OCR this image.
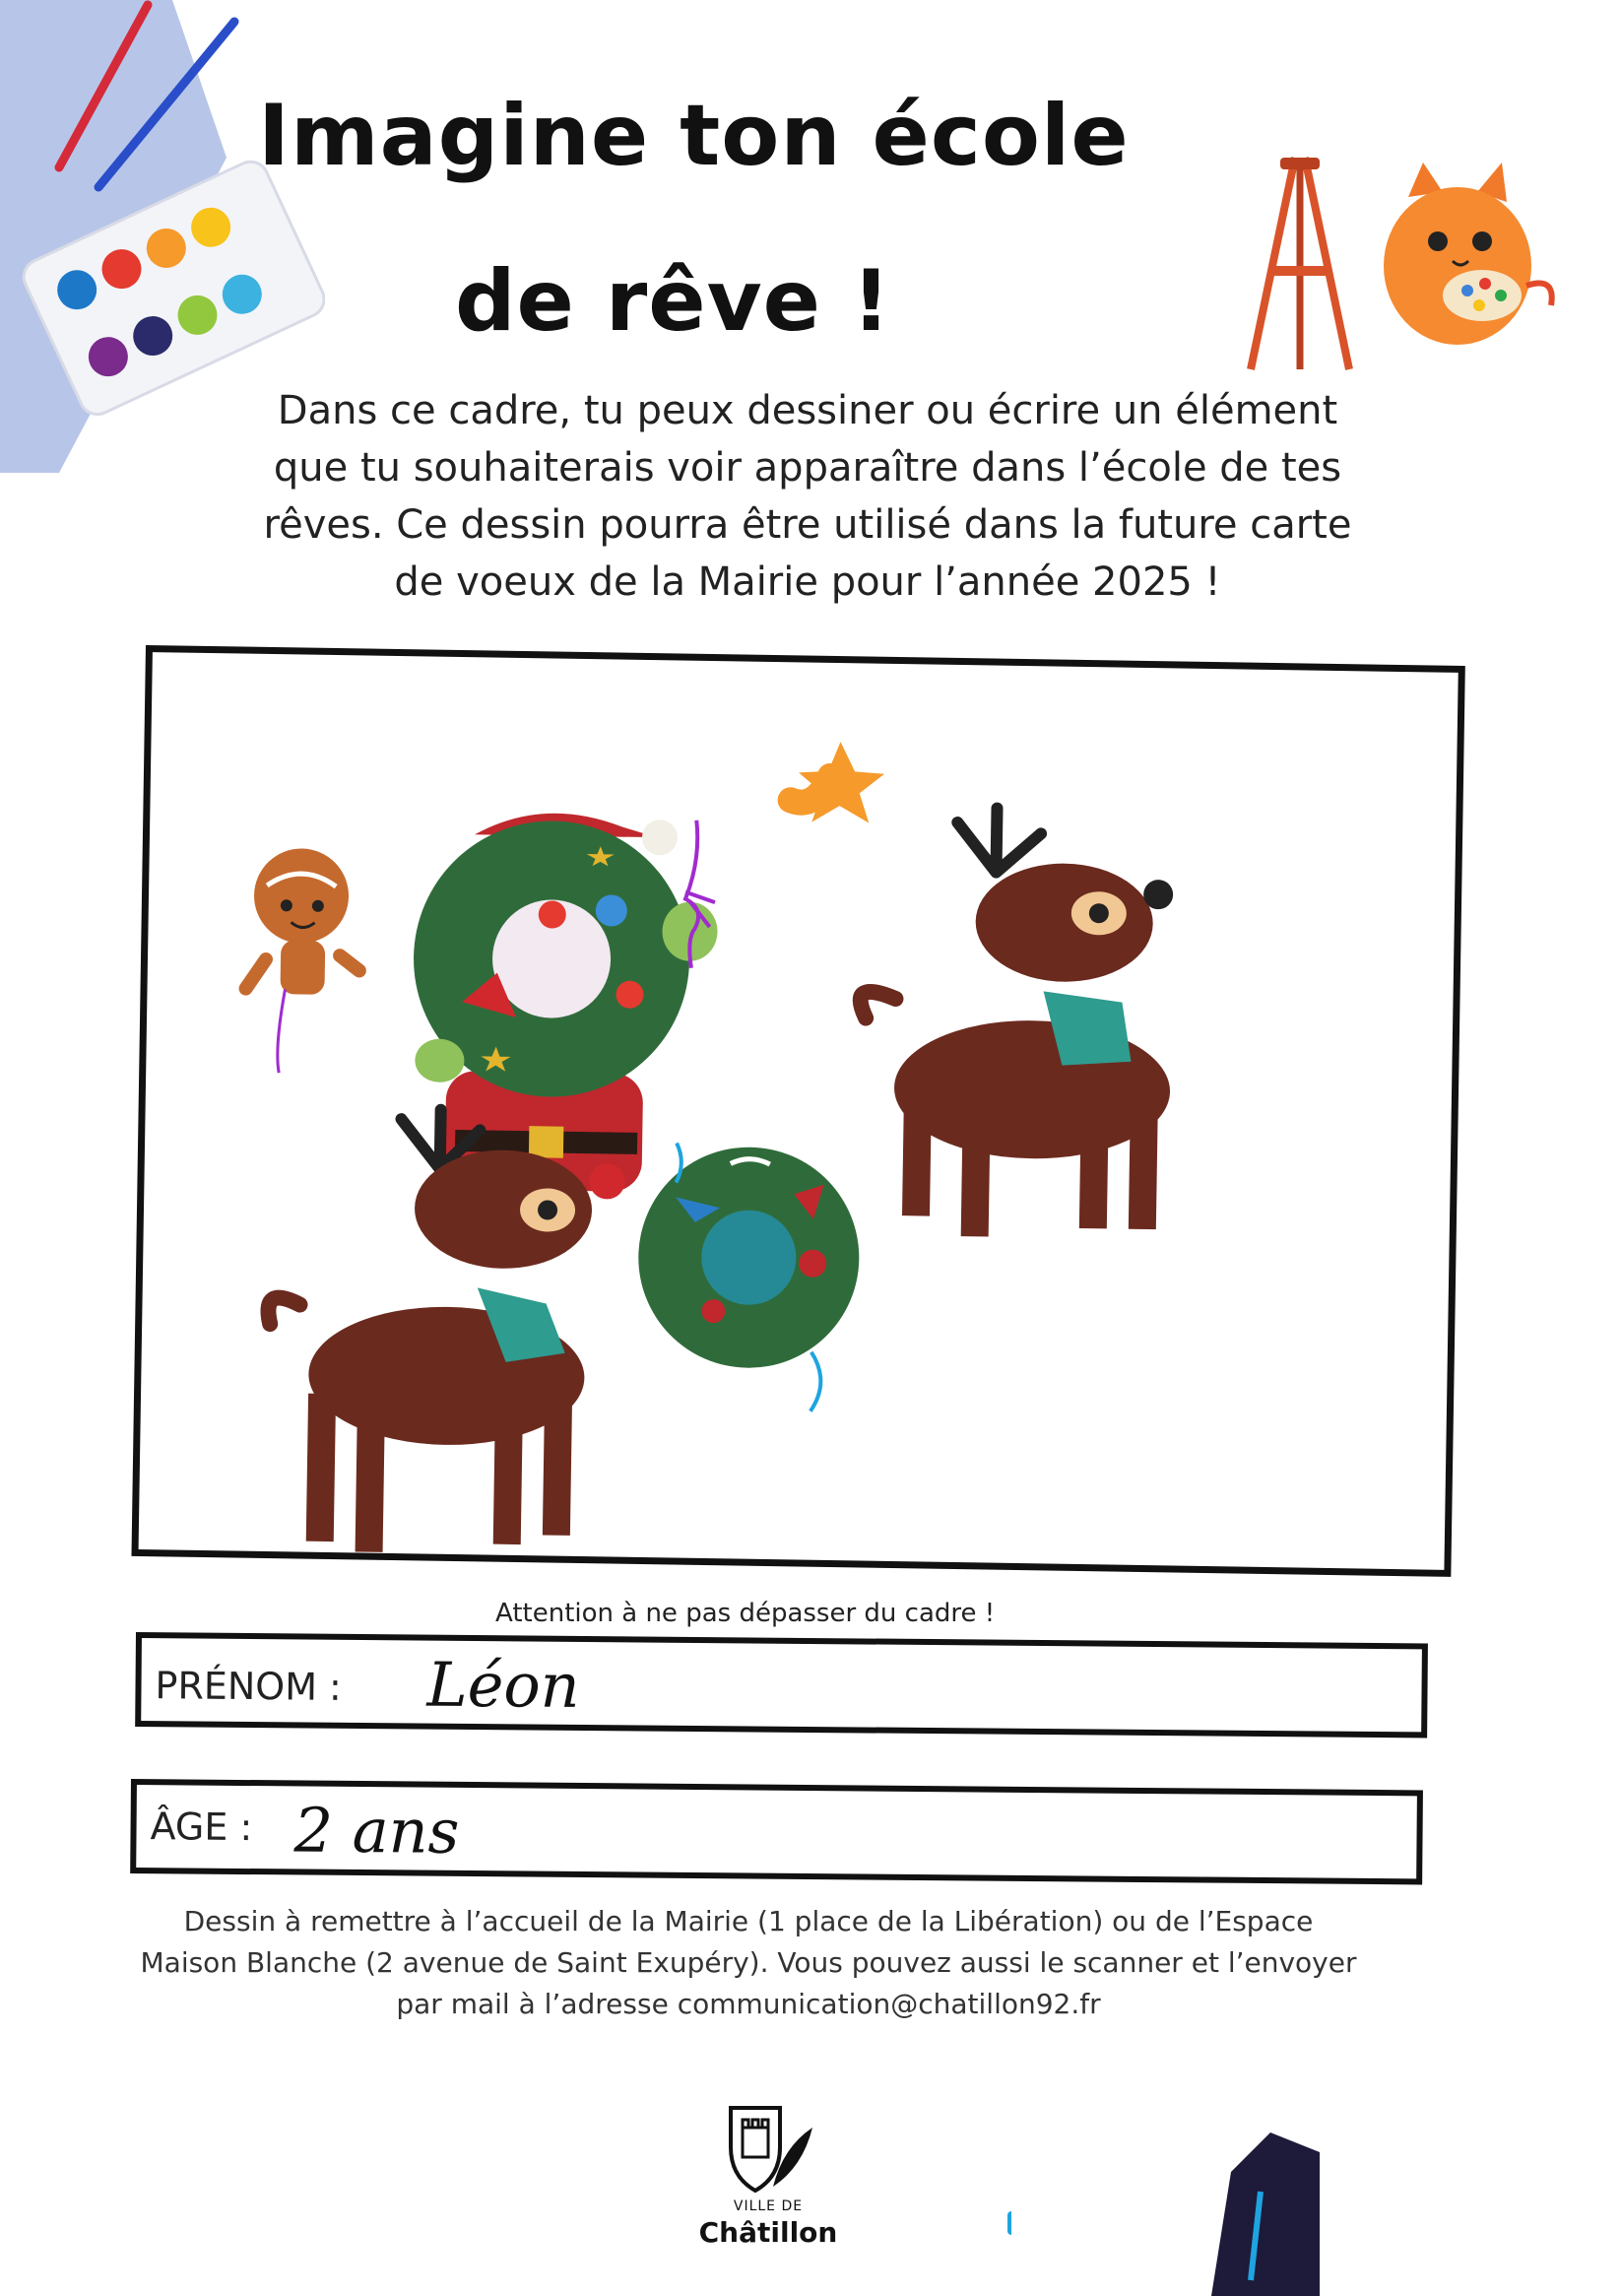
Imagine ton école
de rêve !
Dans ce cadre, tu peux dessiner ou écrire un élément
que tu souhaiterais voir apparaître dans l’école de tes
rêves. Ce dessin pourra être utilisé dans la future carte
de voeux de la Mairie pour l’année 2025 !
Attention à ne pas dépasser du cadre !
PRÉNOM : Léon
ÂGE : 2 ans
Dessin à remettre à l’accueil de la Mairie (1 place de la Libération) ou de l’Espace
Maison Blanche (2 avenue de Saint Exupéry). Vous pouvez aussi le scanner et l’envoyer
par mail à l’adresse communication@chatillon92.fr
VILLE DE
Châtillon
